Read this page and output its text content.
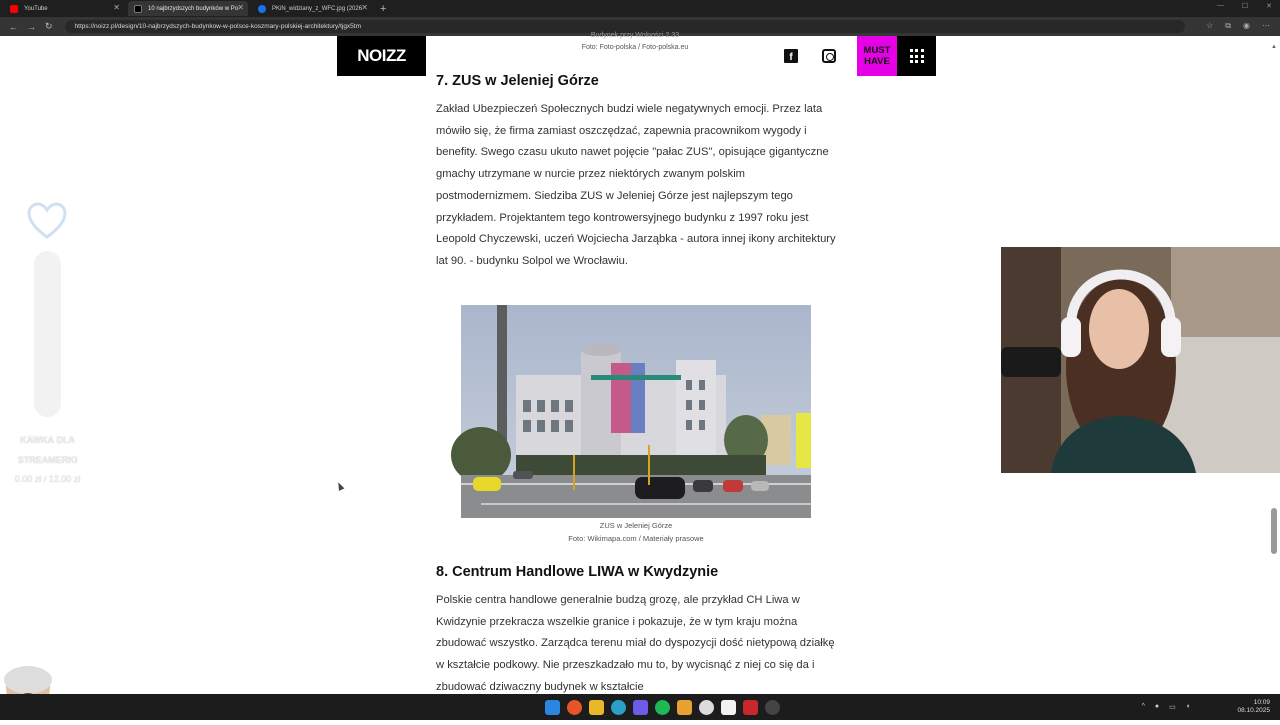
YouTube	✕	10 najbrzydszych budynków w Po ✕	PKiN_widziany_z_WFC.jpg (2026 ✕ +	—	☐	✕
← → ↻	https://noizz.pl/design/10-najbrzydszych-budynkow-w-polsce-koszmary-polskiej-architektury/tjgx5tm	☆ ⧉ ◉ ⋯
Budynek przy Wolności 2.33
Foto: Foto-polska / Foto-polska.eu
NOIZZ	f
MUST HAVE
7. ZUS w Jeleniej Górze
Zakład Ubezpieczeń Społecznych budzi wiele negatywnych emocji. Przez lata mówiło się, że firma zamiast oszczędzać, zapewnia pracownikom wygody i benefity. Swego czasu ukuto nawet pojęcie "pałac ZUS", opisujące gigantyczne gmachy utrzymane w nurcie przez niektórych zwanym polskim postmodernizmem. Siedziba ZUS w Jeleniej Górze jest najlepszym tego przykładem. Projektantem tego kontrowersyjnego budynku z 1997 roku jest Leopold Chyczewski, uczeń Wojciecha Jarząbka - autora innej ikony architektury lat 90. - budynku Solpol we Wrocławiu.
ZUS w Jeleniej Górze
Foto: Wikimapa.com / Materiały prasowe
8. Centrum Handlowe LIWA w Kwydzynie
Polskie centra handlowe generalnie budzą grozę, ale przykład CH Liwa w Kwidzynie przekracza wszelkie granice i pokazuje, że w tym kraju można zbudować wszystko. Zarządca terenu miał do dyspozycji dość nietypową działkę w kształcie podkowy. Nie przeszkadzało mu to, by wycisnąć z niej co się da i zbudować dziwaczny budynek w kształcie
KAWKA DLA STREAMERKI
0.00 zł / 12.00 zł
▲
^ ● ▭ ◖
10:09
08.10.2025
